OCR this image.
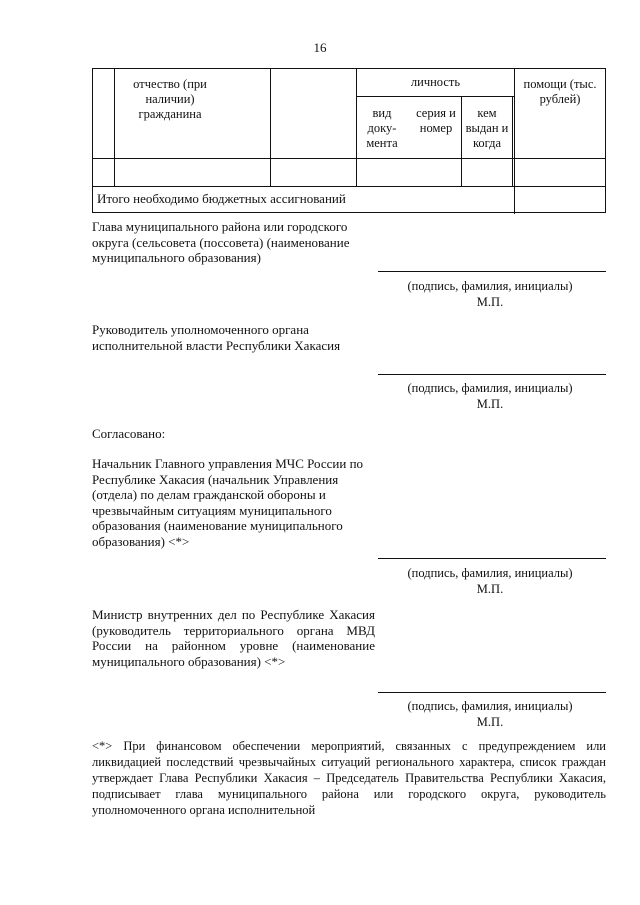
16
отчество (при наличии) гражданина
личность
вид доку-мента
серия и номер
кем выдан и когда
помощи (тыс. рублей)
Итого необходимо бюджетных ассигнований
Глава муниципального района или городского округа (сельсовета (поссовета) (наименование муниципального образования)
(подпись, фамилия, инициалы)
М.П.
Руководитель уполномоченного органа исполнительной власти Республики Хакасия
(подпись, фамилия, инициалы)
М.П.
Согласовано:
Начальник Главного управления МЧС России по Республике Хакасия (начальник Управления (отдела) по делам гражданской обороны и чрезвычайным ситуациям муниципального образования (наименование муниципального образования) <*>
(подпись, фамилия, инициалы)
М.П.
Министр внутренних дел по Республике Хакасия (руководитель территориального органа МВД России на районном уровне (наименование муниципального образования) <*>
(подпись, фамилия, инициалы)
М.П.
<*> При финансовом обеспечении мероприятий, связанных с предупреждением или ликвидацией последствий чрезвычайных ситуаций регионального характера, список граждан утверждает Глава Республики Хакасия – Председатель Правительства Республики Хакасия, подписывает глава муниципального района или городского округа, руководитель уполномоченного органа исполнительной
